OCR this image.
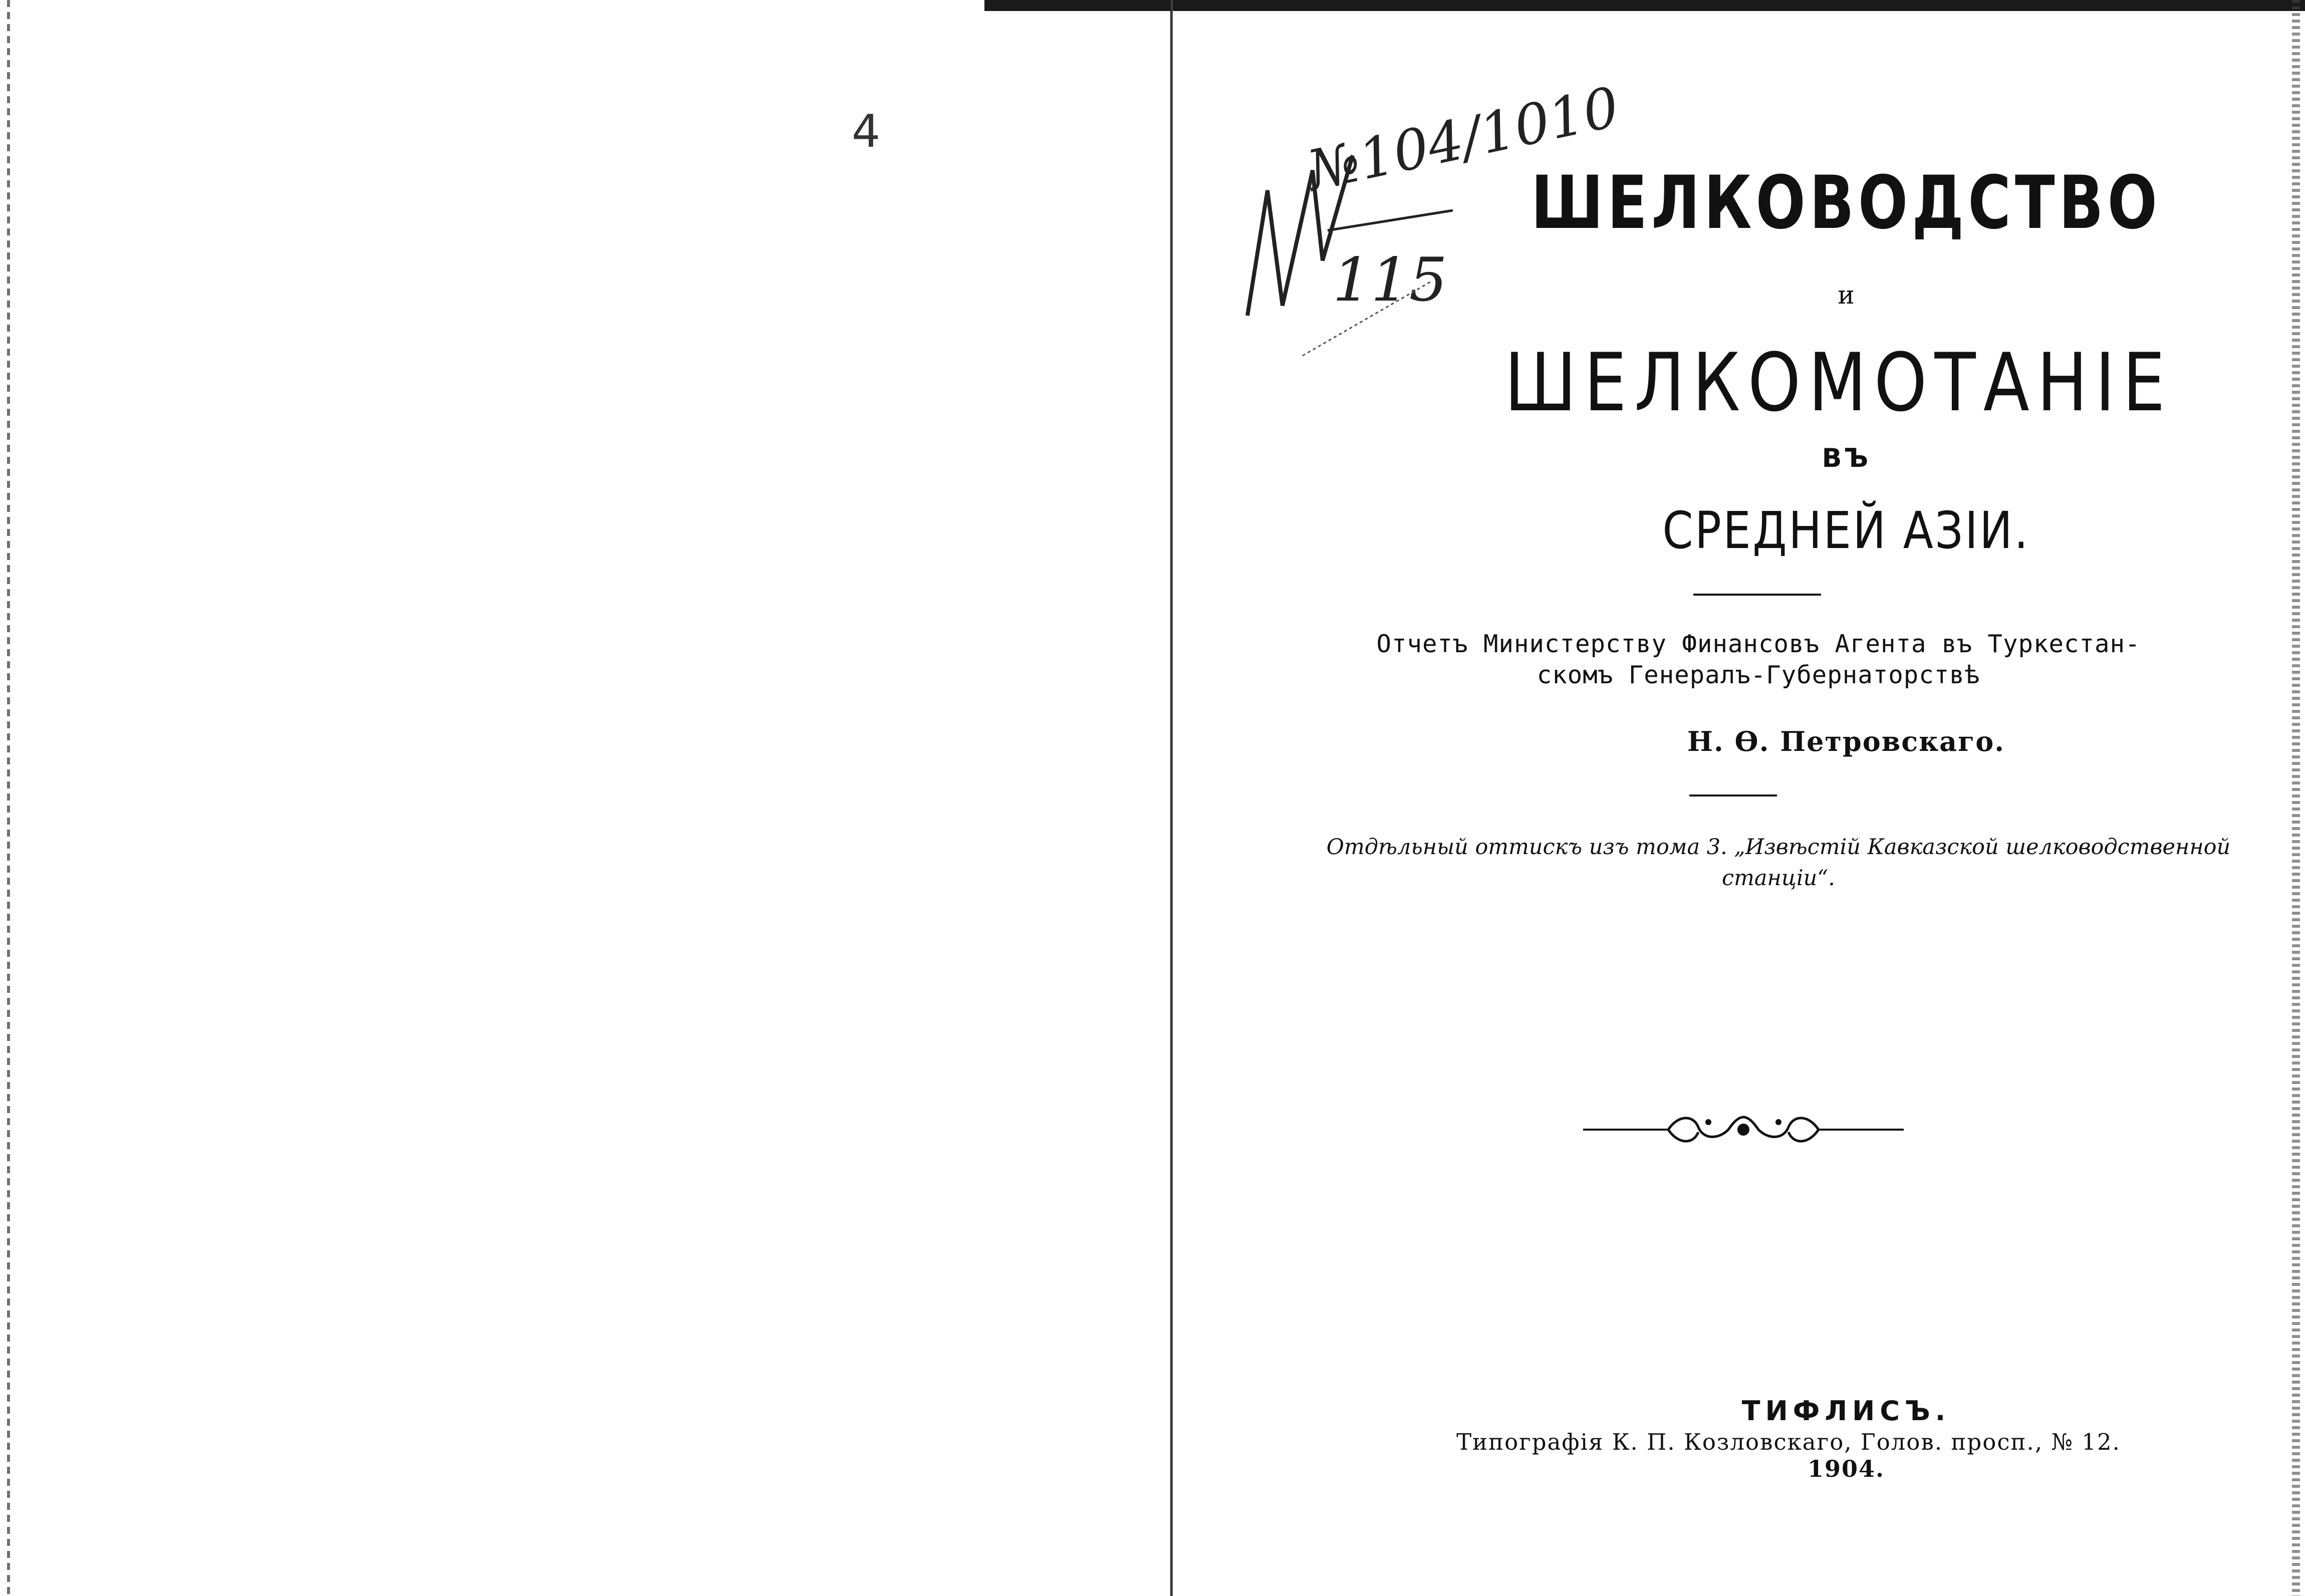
4	№104/1010
115
ШЕЛКОВОДСТВО
и
ШЕЛКОМОТАНІЕ
ВЪ
СРЕДНЕЙ АЗІИ.
Отчетъ Министерству Финансовъ Агента въ Туркестан-
скомъ Генералъ-Губернаторствѣ
Н. Ѳ. Петровскаго.
Отдѣльный оттискъ изъ тома 3. „Извѣстій Кавказской шелководственной
станціи“.
ТИФЛИСЪ.
Типографія К. П. Козловскаго, Голов. просп., № 12.
1904.
